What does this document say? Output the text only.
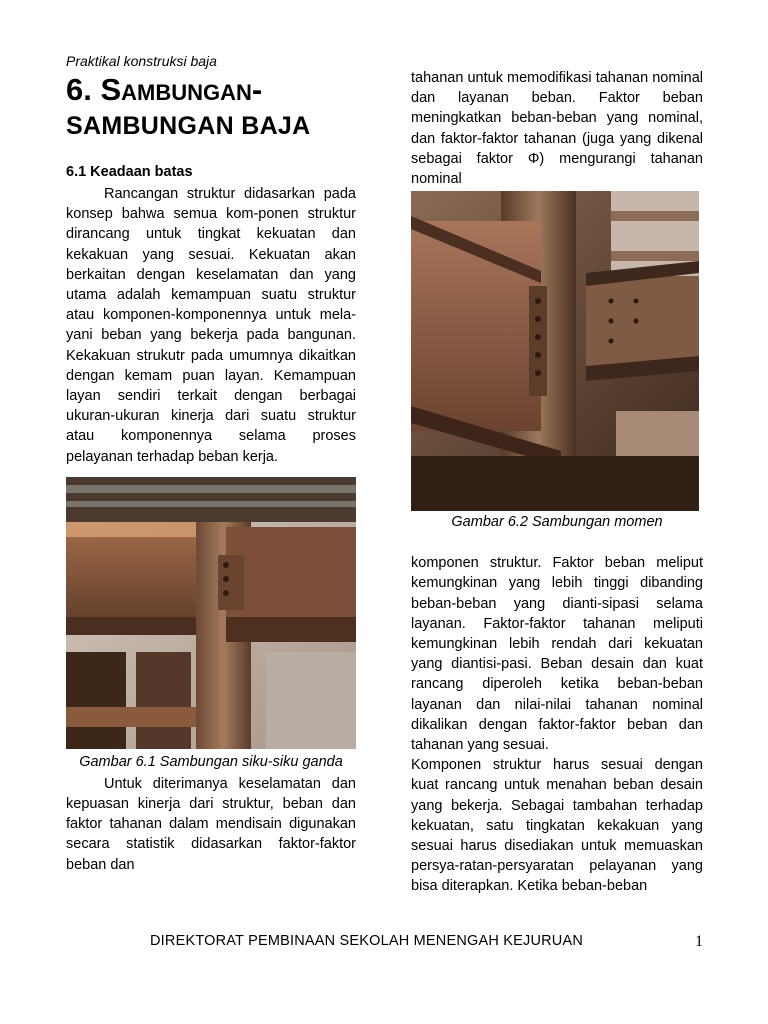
Praktikal konstruksi baja

6. Sambungan-
SAMBUNGAN BAJA
6.1 Keadaan batas

Rancangan struktur didasarkan pada konsep bahwa semua kom-ponen struktur dirancang untuk tingkat kekuatan dan kekakuan yang sesuai. Kekuatan akan berkaitan dengan keselamatan dan yang utama adalah kemampuan suatu struktur atau komponen-komponennya untuk mela-yani beban yang bekerja pada bangunan. Kekakuan strukutr pada umumnya dikaitkan dengan kemam puan layan. Kemampuan layan sendiri terkait dengan berbagai ukuran-ukuran kinerja dari suatu struktur atau komponennya selama proses pelayanan terhadap beban kerja.

Gambar 6.1 Sambungan siku-siku ganda

Untuk diterimanya keselamatan dan kepuasan kinerja dari struktur, beban dan faktor tahanan dalam mendisain digunakan secara statistik didasarkan faktor-faktor beban dan

tahanan untuk memodifikasi tahanan nominal dan layanan beban. Faktor beban meningkatkan beban-beban yang nominal, dan faktor-faktor tahanan (juga yang dikenal sebagai faktor Φ) mengurangi tahanan nominal

Gambar 6.2 Sambungan momen

komponen struktur. Faktor beban meliput kemungkinan yang lebih tinggi dibanding beban-beban yang dianti-sipasi selama layanan. Faktor-faktor tahanan meliputi kemungkinan lebih rendah dari kekuatan yang diantisi-pasi. Beban desain dan kuat rancang diperoleh ketika beban-beban layanan dan nilai-nilai tahanan nominal dikalikan dengan faktor-faktor beban dan tahanan yang sesuai.

Komponen struktur harus sesuai dengan kuat rancang untuk menahan beban desain yang bekerja. Sebagai tambahan terhadap kekuatan, satu tingkatan kekakuan yang sesuai harus disediakan untuk memuaskan persya-ratan-persyaratan pelayanan yang bisa diterapkan. Ketika beban-beban

DIREKTORAT PEMBINAAN SEKOLAH MENENGAH KEJURUAN	1
